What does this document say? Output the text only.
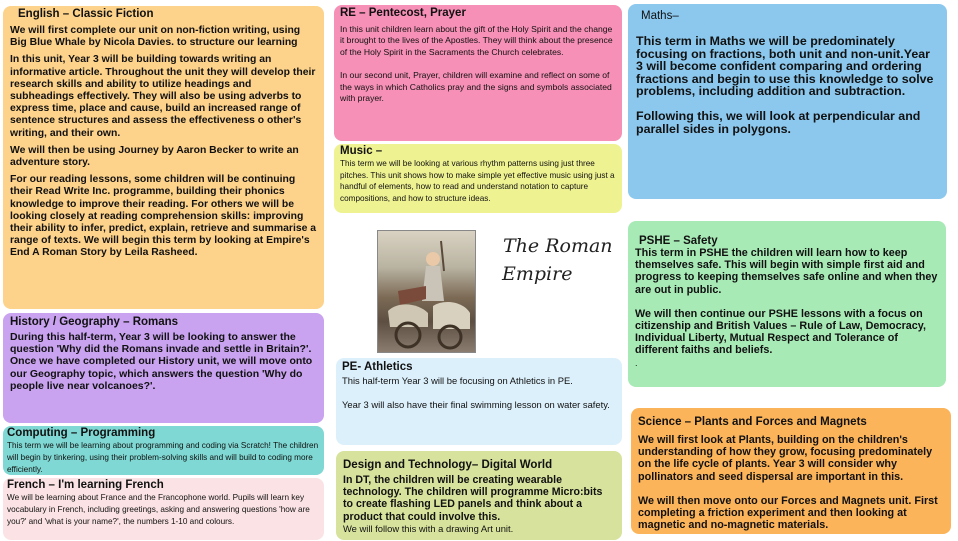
English – Classic Fiction
We will first complete our unit on non-fiction writing, using Big Blue Whale by Nicola Davies. to structure our learning
In this unit, Year 3 will be building towards writing an informative article. Throughout the unit they will develop their research skills and ability to utilize headings and subheadings effectively. They will also be using adverbs to express time, place and cause, build an increased range of sentence structures and assess the effectiveness o other's writing, and their own.
We will then be using Journey by Aaron Becker to write an adventure story.
For our reading lessons, some children will be continuing their Read Write Inc. programme, building their phonics knowledge to improve their reading. For others we will be looking closely at reading comprehension skills: improving their ability to infer, predict, explain, retrieve and summarise a range of texts. We will begin this term by looking at Empire's End A Roman Story by Leila Rasheed.
History / Geography – Romans
During this half-term, Year 3 will be looking to answer the question 'Why did the Romans invade and settle in Britain?'. Once we have completed our History unit, we will move onto our Geography topic, which answers the question 'Why do people live near volcanoes?'.
Computing – Programming
This term we will be learning about programming and coding via Scratch! The children will begin by tinkering, using their problem-solving skills and will build to coding more efficiently.
French – I'm learning French
We will be learning about France and the Francophone world. Pupils will learn key vocabulary in French, including greetings, asking and answering questions 'how are you?' and 'what is your name?', the numbers 1-10 and colours.
RE – Pentecost, Prayer
In this unit children learn about the gift of the Holy Spirit and the change it brought to the lives of the Apostles. They will think about the presence of the Holy Spirit in the Sacraments the Church celebrates.
In our second unit, Prayer, children will examine and reflect on some of the ways in which Catholics pray and the signs and symbols associated with prayer.
Music –
This term we will be looking at various rhythm patterns using just three pitches. This unit shows how to make simple yet effective music using just a handful of elements, how to read and understand notation to capture compositions, and how to structure ideas.
The Roman
Empire
PE- Athletics
This half-term Year 3 will be focusing on Athletics in PE.
Year 3 will also have their final swimming lesson on water safety.
Design and Technology– Digital World
In DT, the children will be creating wearable technology. The children will programme Micro:bits to create flashing LED panels and think about a product that could involve this.
We will follow this with a drawing Art unit.
Maths–
This term in Maths we will be predominately focusing on fractions, both unit and non-unit.Year 3 will become confident comparing and ordering fractions and begin to use this knowledge to solve problems, including addition and subtraction.
Following this, we will look at perpendicular and parallel sides in polygons.
PSHE – Safety
This term in PSHE the children will learn how to keep themselves safe. This will begin with simple first aid and progress to keeping themselves safe online and when they are out in public.
We will then continue our PSHE lessons with a focus on citizenship and British Values – Rule of Law, Democracy, Individual Liberty, Mutual Respect and Tolerance of different faiths and beliefs.
.
Science – Plants and Forces and Magnets
We will first look at Plants, building on the children's understanding of how they grow, focusing predominately on the life cycle of plants. Year 3 will consider why pollinators and seed dispersal are important in this.
We will then move onto our Forces and Magnets unit. First completing a friction experiment and then looking at magnetic and no-magnetic materials.
